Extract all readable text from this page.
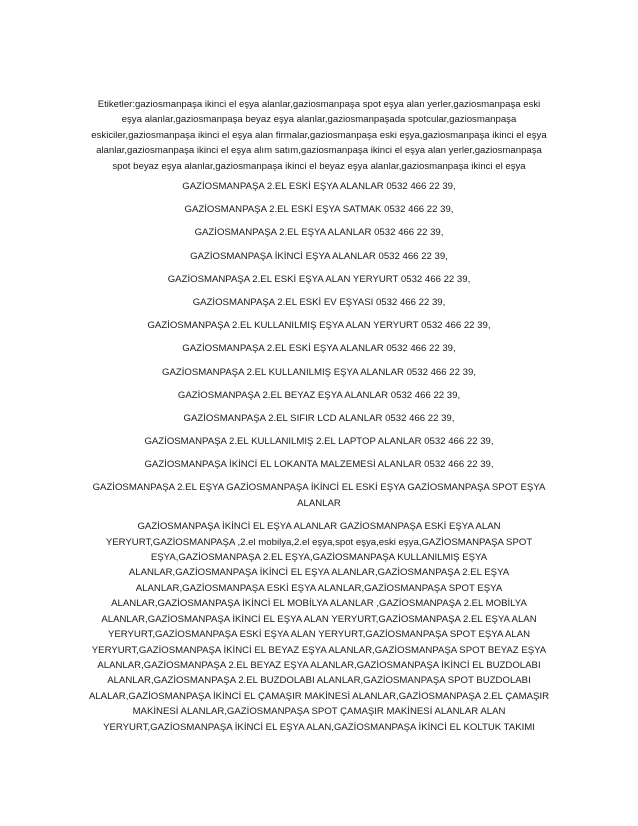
Etiketler:gaziosmanpaşa ikinci el eşya alanlar,gaziosmanpaşa spot eşya alan yerler,gaziosmanpaşa eski eşya alanlar,gaziosmanpaşa beyaz eşya alanlar,gaziosmanpaşada spotcular,gaziosmanpaşa eskiciler,gaziosmanpaşa ikinci el eşya alan firmalar,gaziosmanpaşa eski eşya,gaziosmanpaşa ikinci el eşya alanlar,gaziosmanpaşa ikinci el eşya alım satım,gaziosmanpaşa ikinci el eşya alan yerler,gaziosmanpaşa spot beyaz eşya alanlar,gaziosmanpaşa ikinci el beyaz eşya alanlar,gaziosmanpaşa ikinci el eşya

GAZİOSMANPAŞA 2.EL ESKİ EŞYA ALANLAR 0532 466 22 39,

GAZİOSMANPAŞA 2.EL ESKİ EŞYA SATMAK 0532 466 22 39,

GAZİOSMANPAŞA 2.EL EŞYA ALANLAR 0532 466 22 39,

GAZİOSMANPAŞA İKİNCİ EŞYA ALANLAR 0532 466 22 39,

GAZİOSMANPAŞA 2.EL ESKİ EŞYA ALAN YERYURT 0532 466 22 39,

GAZİOSMANPAŞA 2.EL ESKİ EV EŞYASI 0532 466 22 39,

GAZİOSMANPAŞA 2.EL KULLANILMIŞ EŞYA ALAN YERYURT 0532 466 22 39,

GAZİOSMANPAŞA 2.EL ESKİ EŞYA ALANLAR 0532 466 22 39,

GAZİOSMANPAŞA 2.EL KULLANILMIŞ EŞYA ALANLAR 0532 466 22 39,

GAZİOSMANPAŞA 2.EL BEYAZ EŞYA ALANLAR 0532 466 22 39,

GAZİOSMANPAŞA 2.EL SIFIR LCD ALANLAR 0532 466 22 39,

GAZİOSMANPAŞA 2.EL KULLANILMIŞ 2.EL LAPTOP ALANLAR 0532 466 22 39,

GAZİOSMANPAŞA İKİNCİ EL LOKANTA MALZEMESİ ALANLAR 0532 466 22 39,

GAZİOSMANPAŞA 2.EL EŞYA GAZİOSMANPAŞA İKİNCİ EL ESKİ EŞYA GAZİOSMANPAŞA SPOT EŞYA ALANLAR

GAZİOSMANPAŞA İKİNCİ EL EŞYA ALANLAR GAZİOSMANPAŞA ESKİ EŞYA ALAN YERYURT,GAZİOSMANPAŞA ,2.el mobilya,2.el eşya,spot eşya,eski eşya,GAZİOSMANPAŞA SPOT EŞYA,GAZİOSMANPAŞA 2.EL EŞYA,GAZİOSMANPAŞA KULLANILMIŞ EŞYA ALANLAR,GAZİOSMANPAŞA İKİNCİ EL EŞYA ALANLAR,GAZİOSMANPAŞA 2.EL EŞYA ALANLAR,GAZİOSMANPAŞA ESKİ EŞYA ALANLAR,GAZİOSMANPAŞA SPOT EŞYA ALANLAR,GAZİOSMANPAŞA İKİNCİ EL MOBİLYA ALANLAR ,GAZİOSMANPAŞA 2.EL MOBİLYA ALANLAR,GAZİOSMANPAŞA İKİNCİ EL EŞYA ALAN YERYURT,GAZİOSMANPAŞA 2.EL EŞYA ALAN YERYURT,GAZİOSMANPAŞA ESKİ EŞYA ALAN YERYURT,GAZİOSMANPAŞA SPOT EŞYA ALAN YERYURT,GAZİOSMANPAŞA İKİNCİ EL BEYAZ EŞYA ALANLAR,GAZİOSMANPAŞA SPOT BEYAZ EŞYA ALANLAR,GAZİOSMANPAŞA 2.EL BEYAZ EŞYA ALANLAR,GAZİOSMANPAŞA İKİNCİ EL BUZDOLABI ALANLAR,GAZİOSMANPAŞA 2.EL BUZDOLABI ALANLAR,GAZİOSMANPAŞA SPOT BUZDOLABI ALALAR,GAZİOSMANPAŞA İKİNCİ EL ÇAMAŞIR MAKİNESİ ALANLAR,GAZİOSMANPAŞA 2.EL ÇAMAŞIR MAKİNESİ ALANLAR,GAZİOSMANPAŞA SPOT ÇAMAŞIR MAKİNESİ ALANLAR ALAN YERYURT,GAZİOSMANPAŞA İKİNCİ EL EŞYA ALAN,GAZİOSMANPAŞA İKİNCİ EL KOLTUK TAKIMI
